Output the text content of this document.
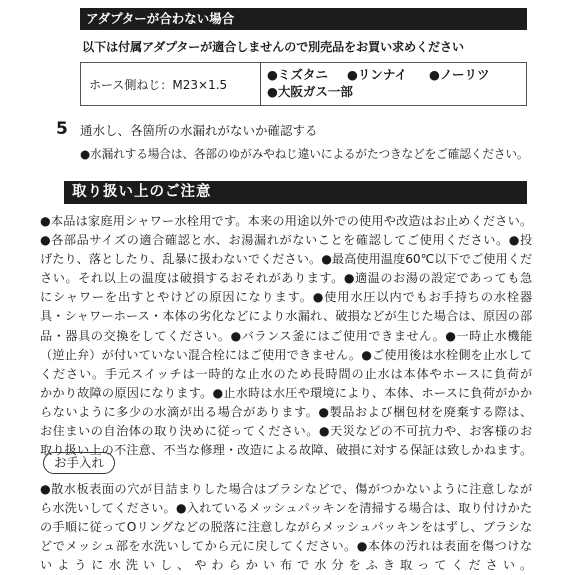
アダプターが合わない場合
以下は付属アダプターが適合しませんので別売品をお買い求めください
ホース側ねじ：M23×1.5
● ミズタニ ● リンナイ	● ノーリツ
● 大阪ガス一部
5 通水し、各箇所の水漏れがないか確認する
●水漏れする場合は、各部のゆがみやねじ違いによるがたつきなどをご確認ください。
取り扱い上のご注意
●本品は家庭用シャワー水栓用です。本来の用途以外での使用や改造はお止めください。
●各部品サイズの適合確認と水、お湯漏れがないことを確認してご使用ください。●投
げたり、落としたり、乱暴に扱わないでください。●最高使用温度60℃以下でご使用くだ
さい。それ以上の温度は破損するおそれがあります。●適温のお湯の設定であっても急
にシャワーを出すとやけどの原因になります。●使用水圧以内でもお手持ちの水栓器
具・シャワーホース・本体の劣化などにより水漏れ、破損などが生じた場合は、原因の部
品・器具の交換をしてください。●バランス釜にはご使用できません。●一時止水機能
（逆止弁）が付いていない混合栓にはご使用できません。●ご使用後は水栓側を止水して
ください。手元スイッチは一時的な止水のため長時間の止水は本体やホースに負荷が
かかり故障の原因になります。●止水時は水圧や環境により、本体、ホースに負荷がかか
らないように多少の水滴が出る場合があります。●製品および梱包材を廃棄する際は、
お住まいの自治体の取り決めに従ってください。●天災などの不可抗力や、お客様のお
取り扱い上の不注意、不当な修理・改造による故障、破損に対する保証は致しかねます。
お手入れ
●散水板表面の穴が目詰まりした場合はブラシなどで、傷がつかないように注意しなが
ら水洗いしてください。●入れているメッシュパッキンを清掃する場合は、取り付けかた
の手順に従ってOリングなどの脱落に注意しながらメッシュパッキンをはずし、ブラシな
どでメッシュ部を水洗いしてから元に戻してください。●本体の汚れは表面を傷つけな
いように水洗いし、やわらかい布で水分をふき取ってください。
